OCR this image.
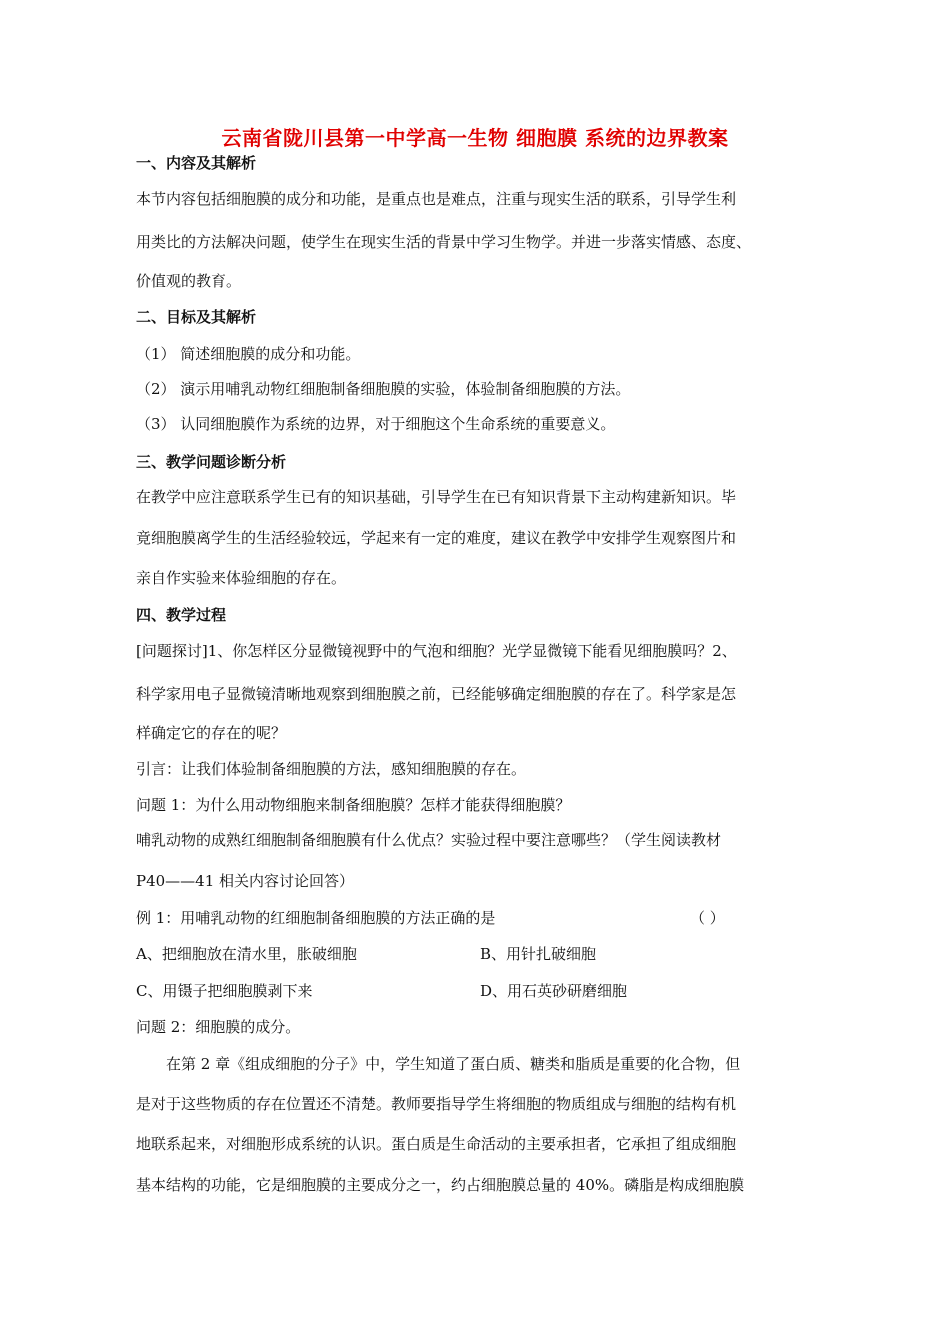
云南省陇川县第一中学高一生物 细胞膜 系统的边界教案
一、内容及其解析
本节内容包括细胞膜的成分和功能，是重点也是难点，注重与现实生活的联系，引导学生利
用类比的方法解决问题，使学生在现实生活的背景中学习生物学。并进一步落实情感、态度、
价值观的教育。
二、目标及其解析
（1） 简述细胞膜的成分和功能。
（2） 演示用哺乳动物红细胞制备细胞膜的实验，体验制备细胞膜的方法。
（3） 认同细胞膜作为系统的边界，对于细胞这个生命系统的重要意义。
三、教学问题诊断分析
在教学中应注意联系学生已有的知识基础，引导学生在已有知识背景下主动构建新知识。毕
竟细胞膜离学生的生活经验较远，学起来有一定的难度，建议在教学中安排学生观察图片和
亲自作实验来体验细胞的存在。
四、教学过程
[问题探讨]1、你怎样区分显微镜视野中的气泡和细胞？光学显微镜下能看见细胞膜吗？2、
科学家用电子显微镜清晰地观察到细胞膜之前，已经能够确定细胞膜的存在了。科学家是怎
样确定它的存在的呢？
引言：让我们体验制备细胞膜的方法，感知细胞膜的存在。
问题 1：为什么用动物细胞来制备细胞膜？怎样才能获得细胞膜？
哺乳动物的成熟红细胞制备细胞膜有什么优点？实验过程中要注意哪些？（学生阅读教材
P40——41 相关内容讨论回答）
例 1：用哺乳动物的红细胞制备细胞膜的方法正确的是	（ ）
A、把细胞放在清水里，胀破细胞	B、用针扎破细胞
C、用镊子把细胞膜剥下来	D、用石英砂研磨细胞
问题 2：细胞膜的成分。
在第 2 章《组成细胞的分子》中，学生知道了蛋白质、糖类和脂质是重要的化合物，但
是对于这些物质的存在位置还不清楚。教师要指导学生将细胞的物质组成与细胞的结构有机
地联系起来，对细胞形成系统的认识。蛋白质是生命活动的主要承担者，它承担了组成细胞
基本结构的功能，它是细胞膜的主要成分之一，约占细胞膜总量的 40%。磷脂是构成细胞膜
